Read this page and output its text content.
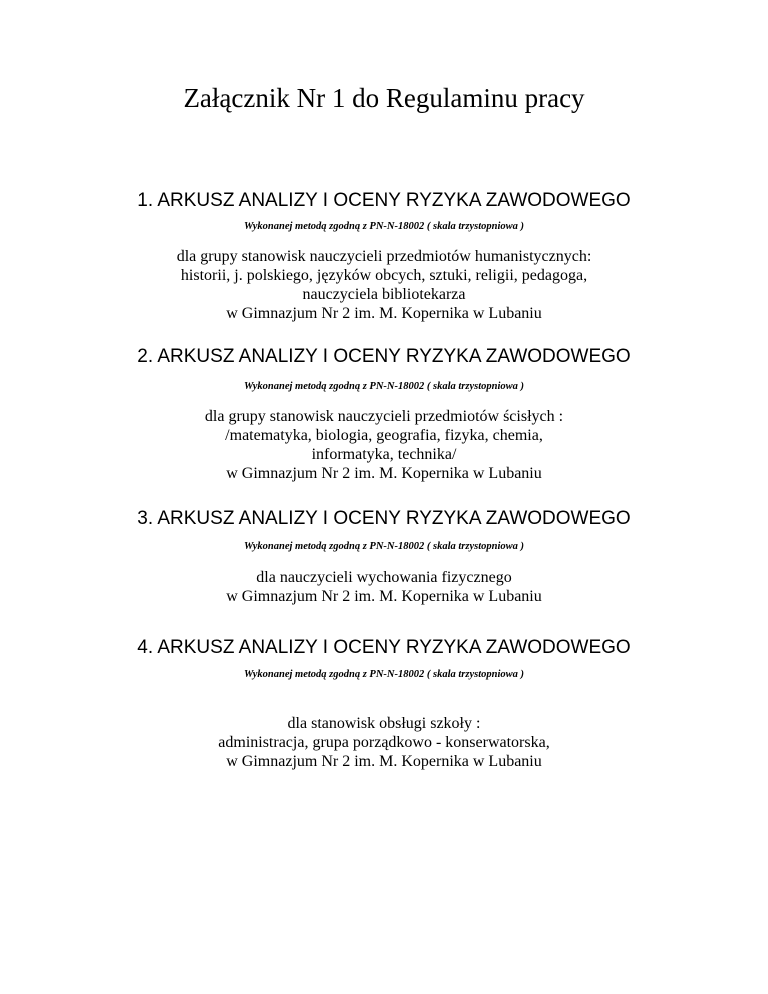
Załącznik Nr 1 do Regulaminu pracy
1. ARKUSZ ANALIZY I OCENY RYZYKA ZAWODOWEGO
Wykonanej metodą zgodną z PN-N-18002 ( skala trzystopniowa )
dla grupy stanowisk nauczycieli przedmiotów humanistycznych:
historii, j. polskiego, języków obcych, sztuki, religii, pedagoga,
nauczyciela bibliotekarza
w Gimnazjum Nr 2 im. M. Kopernika w Lubaniu
2. ARKUSZ ANALIZY I OCENY RYZYKA ZAWODOWEGO
Wykonanej metodą zgodną z PN-N-18002 ( skala trzystopniowa )
dla grupy stanowisk nauczycieli przedmiotów ścisłych :
/matematyka, biologia, geografia, fizyka, chemia,
informatyka, technika/
w Gimnazjum Nr 2 im. M. Kopernika w Lubaniu
3. ARKUSZ ANALIZY I OCENY RYZYKA ZAWODOWEGO
Wykonanej metodą zgodną z PN-N-18002 ( skala trzystopniowa )
dla nauczycieli wychowania fizycznego
w Gimnazjum Nr 2 im. M. Kopernika w Lubaniu
4. ARKUSZ ANALIZY I OCENY RYZYKA ZAWODOWEGO
Wykonanej metodą zgodną z PN-N-18002 ( skala trzystopniowa )
dla stanowisk obsługi szkoły :
administracja, grupa porządkowo - konserwatorska,
w Gimnazjum Nr 2 im. M. Kopernika w Lubaniu
